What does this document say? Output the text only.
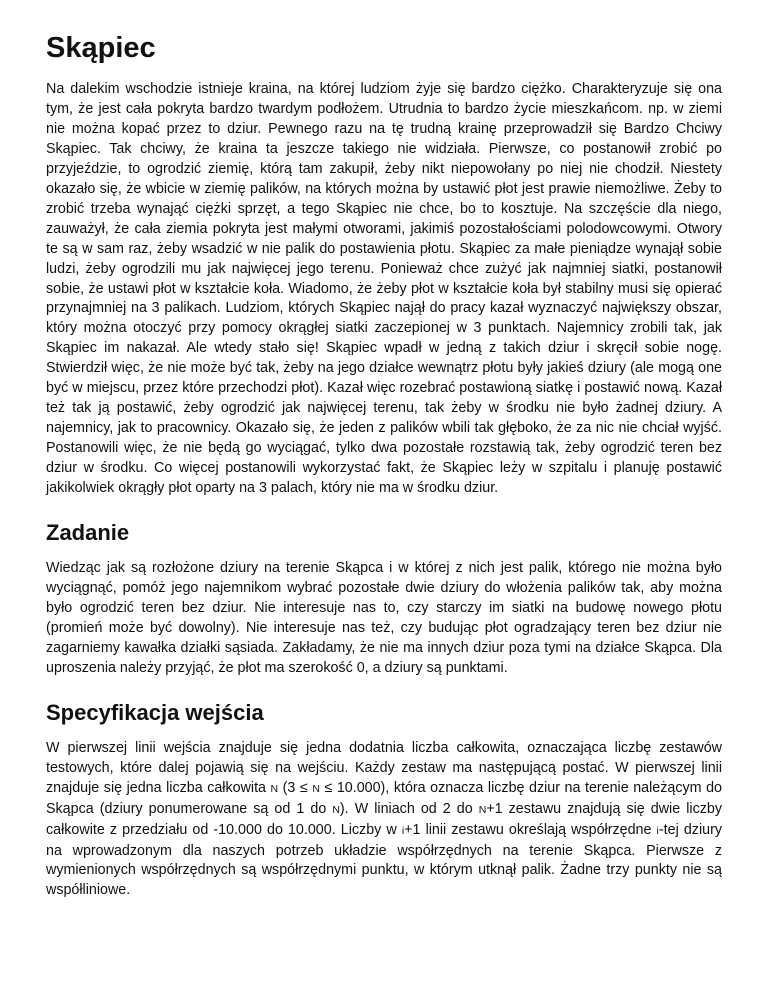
Skąpiec

Na dalekim wschodzie istnieje kraina, na której ludziom żyje się bardzo ciężko. Charakteryzuje się ona tym, że jest cała pokryta bardzo twardym podłożem. Utrudnia to bardzo życie mieszkańcom. np. w ziemi nie można kopać przez to dziur. Pewnego razu na tę trudną krainę przeprowadził się Bardzo Chciwy Skąpiec. Tak chciwy, że kraina ta jeszcze takiego nie widziała. Pierwsze, co postanowił zrobić po przyjeździe, to ogrodzić ziemię, którą tam zakupił, żeby nikt niepowołany po niej nie chodził. Niestety okazało się, że wbicie w ziemię palików, na których można by ustawić płot jest prawie niemożliwe. Żeby to zrobić trzeba wynająć ciężki sprzęt, a tego Skąpiec nie chce, bo to kosztuje. Na szczęście dla niego, zauważył, że cała ziemia pokryta jest małymi otworami, jakimiś pozostałościami polodowcowymi. Otwory te są w sam raz, żeby wsadzić w nie palik do postawienia płotu. Skąpiec za małe pieniądze wynajął sobie ludzi, żeby ogrodzili mu jak najwięcej jego terenu. Ponieważ chce zużyć jak najmniej siatki, postanowił sobie, że ustawi płot w kształcie koła. Wiadomo, że żeby płot w kształcie koła był stabilny musi się opierać przynajmniej na 3 palikach. Ludziom, których Skąpiec najął do pracy kazał wyznaczyć największy obszar, który można otoczyć przy pomocy okrągłej siatki zaczepionej w 3 punktach. Najemnicy zrobili tak, jak Skąpiec im nakazał. Ale wtedy stało się! Skąpiec wpadł w jedną z takich dziur i skręcił sobie nogę. Stwierdził więc, że nie może być tak, żeby na jego działce wewnątrz płotu były jakieś dziury (ale mogą one być w miejscu, przez które przechodzi płot). Kazał więc rozebrać postawioną siatkę i postawić nową. Kazał też tak ją postawić, żeby ogrodzić jak najwięcej terenu, tak żeby w środku nie było żadnej dziury. A najemnicy, jak to pracownicy. Okazało się, że jeden z palików wbili tak głęboko, że za nic nie chciał wyjść. Postanowili więc, że nie będą go wyciągać, tylko dwa pozostałe rozstawią tak, żeby ogrodzić teren bez dziur w środku. Co więcej postanowili wykorzystać fakt, że Skąpiec leży w szpitalu i planuję postawić jakikolwiek okrągły płot oparty na 3 palach, który nie ma w środku dziur.

Zadanie

Wiedząc jak są rozłożone dziury na terenie Skąpca i w której z nich jest palik, którego nie można było wyciągnąć, pomóż jego najemnikom wybrać pozostałe dwie dziury do włożenia palików tak, aby można było ogrodzić teren bez dziur. Nie interesuje nas to, czy starczy im siatki na budowę nowego płotu (promień może być dowolny). Nie interesuje nas też, czy budując płot ogradzający teren bez dziur nie zagarniemy kawałka działki sąsiada. Zakładamy, że nie ma innych dziur poza tymi na działce Skąpca. Dla uproszenia należy przyjąć, że płot ma szerokość 0, a dziury są punktami.

Specyfikacja wejścia

W pierwszej linii wejścia znajduje się jedna dodatnia liczba całkowita, oznaczająca liczbę zestawów testowych, które dalej pojawią się na wejściu. Każdy zestaw ma następującą postać. W pierwszej linii znajduje się jedna liczba całkowita N (3 ≤ N ≤ 10.000), która oznacza liczbę dziur na terenie należącym do Skąpca (dziury ponumerowane są od 1 do N). W liniach od 2 do N+1 zestawu znajdują się dwie liczby całkowite z przedziału od -10.000 do 10.000. Liczby w i+1 linii zestawu określają współrzędne i-tej dziury na wprowadzonym dla naszych potrzeb układzie współrzędnych na terenie Skąpca. Pierwsze z wymienionych współrzędnych są współrzędnymi punktu, w którym utknął palik. Żadne trzy punkty nie są współliniowe.
